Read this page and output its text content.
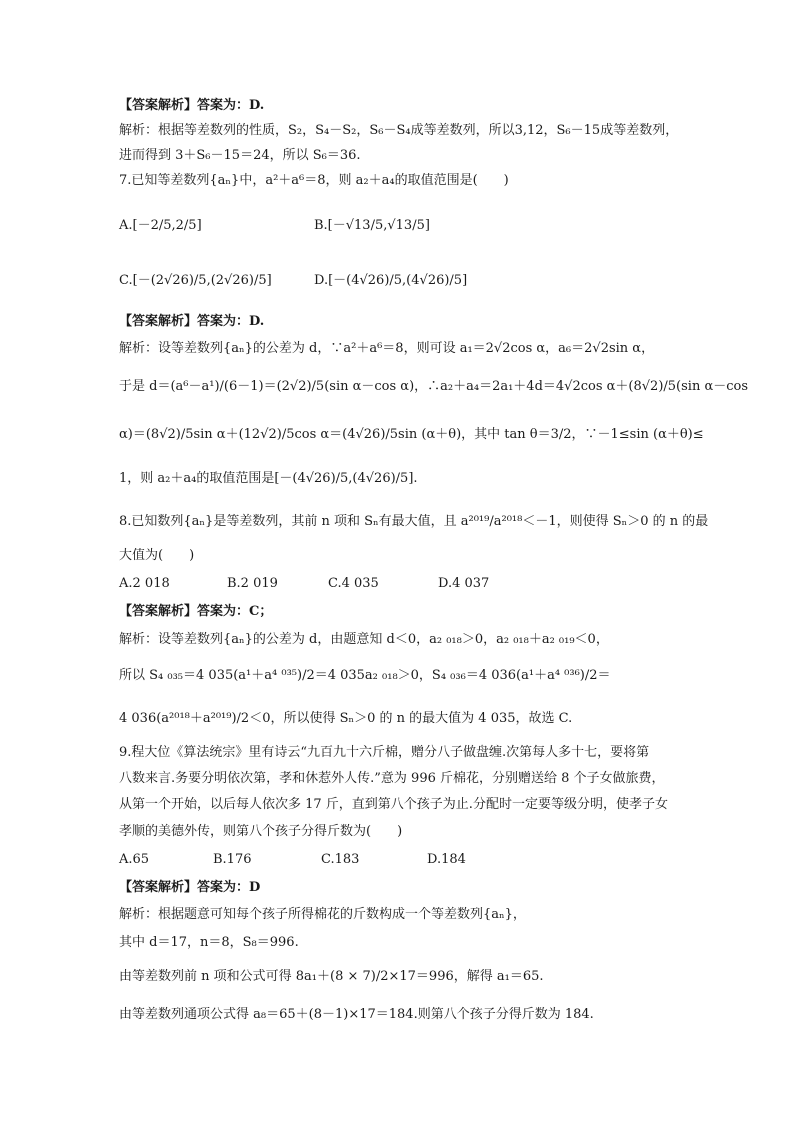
【答案解析】答案为：D.
解析：根据等差数列的性质，S₂，S₄－S₂，S₆－S₄成等差数列，所以3,12，S₆－15成等差数列，
进而得到 3＋S₆－15＝24，所以 S₆＝36.
7.已知等差数列{aₙ}中，a²＋a⁶＝8，则 a₂＋a₄的取值范围是(　　)
A.[－2/5,2/5]	B.[－√13/5,√13/5]
C.[－(2√26)/5,(2√26)/5]	D.[－(4√26)/5,(4√26)/5]
【答案解析】答案为：D.
解析：设等差数列{aₙ}的公差为 d，∵a²＋a⁶＝8，则可设 a₁＝2√2cos α，a₆＝2√2sin α，
于是 d＝(a⁶－a¹)/(6－1)＝(2√2)/5(sin α－cos α)，∴a₂＋a₄＝2a₁＋4d＝4√2cos α＋(8√2)/5(sin α－cos
α)＝(8√2)/5sin α＋(12√2)/5cos α＝(4√26)/5sin (α＋θ)，其中 tan θ＝3/2，∵－1≤sin (α＋θ)≤
1，则 a₂＋a₄的取值范围是[－(4√26)/5,(4√26)/5].
8.已知数列{aₙ}是等差数列，其前 n 项和 Sₙ有最大值，且 a²⁰¹⁹/a²⁰¹⁸＜－1，则使得 Sₙ＞0 的 n 的最
大值为(　　)
A.2 018	B.2 019	C.4 035	D.4 037
【答案解析】答案为：C；
解析：设等差数列{aₙ}的公差为 d，由题意知 d＜0，a₂ ₀₁₈＞0，a₂ ₀₁₈＋a₂ ₀₁₉＜0，
所以 S₄ ₀₃₅＝4 035(a¹＋a⁴ ⁰³⁵)/2＝4 035a₂ ₀₁₈＞0，S₄ ₀₃₆＝4 036(a¹＋a⁴ ⁰³⁶)/2＝
4 036(a²⁰¹⁸＋a²⁰¹⁹)/2＜0，所以使得 Sₙ＞0 的 n 的最大值为 4 035，故选 C.
9.程大位《算法统宗》里有诗云“九百九十六斤棉，赠分八子做盘缠.次第每人多十七，要将第
八数来言.务要分明依次第，孝和休惹外人传.”意为 996 斤棉花，分别赠送给 8 个子女做旅费，
从第一个开始，以后每人依次多 17 斤，直到第八个孩子为止.分配时一定要等级分明，使孝子女
孝顺的美德外传，则第八个孩子分得斤数为(　　)
A.65	B.176	C.183	D.184
【答案解析】答案为：D
解析：根据题意可知每个孩子所得棉花的斤数构成一个等差数列{aₙ}，
其中 d＝17，n＝8，S₈＝996.
由等差数列前 n 项和公式可得 8a₁＋(8 × 7)/2×17＝996，解得 a₁＝65.
由等差数列通项公式得 a₈＝65＋(8－1)×17＝184.则第八个孩子分得斤数为 184.
